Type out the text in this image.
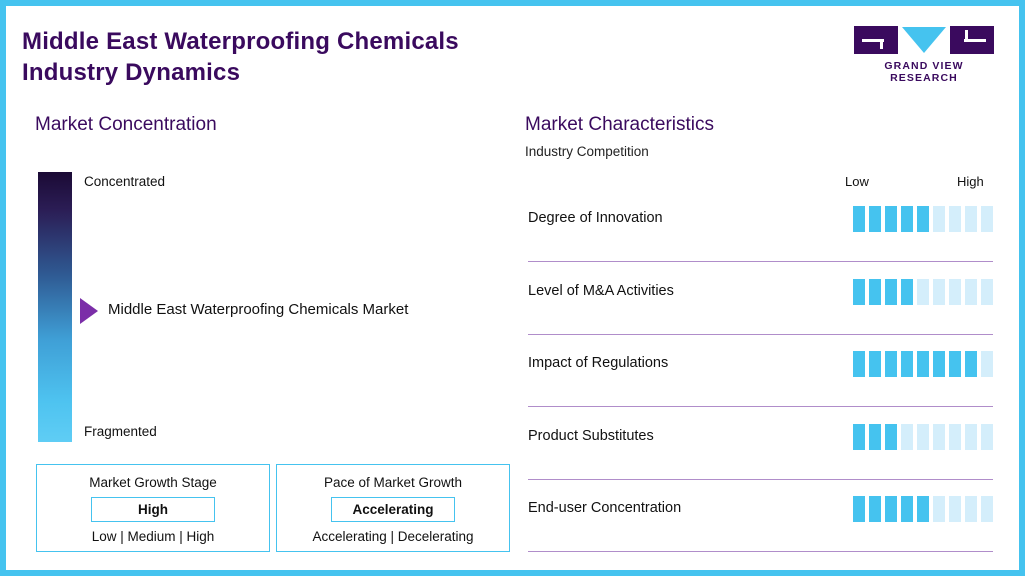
Middle East Waterproofing Chemicals
Industry Dynamics	GRAND VIEW RESEARCH
Market Concentration
Concentrated
Fragmented
Middle East Waterproofing Chemicals Market
Market Growth Stage
High
Low | Medium | High
Pace of Market Growth
Accelerating
Accelerating | Decelerating
Market Characteristics
Industry Competition
Low	High
Degree of Innovation
Level of M&A Activities
Impact of Regulations
Product Substitutes
End-user Concentration
